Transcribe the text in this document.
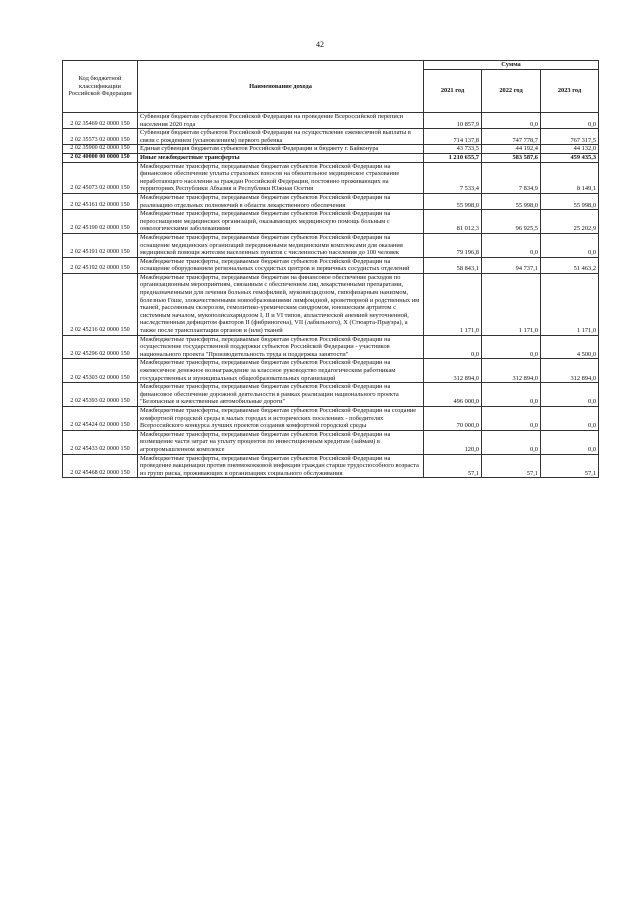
42
Код бюджетной классификации Российской Федерации	Наименование дохода	Сумма		
		2021 год	2022 год	2023 год
2 02 35469 02 0000 150	Субвенция бюджетам субъектов Российской Федерации на проведение Всероссийской переписи населения 2020 года	10 857,9	0,0	0,0
2 02 35573 02 0000 150	Субвенция бюджетам субъектов Российской Федерации на осуществление ежемесячной выплаты в связи с рождением (усыновлением) первого ребенка	714 137,8	747 778,7	767 317,5
2 02 35900 02 0000 150	Единая субвенция бюджетам субъектов Российской Федерации и бюджету г. Байконура	43 733,5	44 192,4	44 132,0
2 02 40000 00 0000 150	Иные межбюджетные трансферты	1 210 655,7	583 587,6	459 435,3
2 02 45073 02 0000 150	Межбюджетные трансферты, передаваемые бюджетам субъектов Российской Федерации на финансовое обеспечение уплаты страховых взносов на обязательное медицинское страхование неработающего населения за граждан Российской Федерации, постоянно проживающих на территориях Республики Абхазия и Республики Южная Осетия	7 533,4	7 834,9	8 149,1
2 02 45161 02 0000 150	Межбюджетные трансферты, передаваемые бюджетам субъектов Российской Федерации на реализацию отдельных полномочий в области лекарственного обеспечения	55 998,0	55 998,0	55 998,0
2 02 45190 02 0000 150	Межбюджетные трансферты, передаваемые бюджетам субъектов Российской Федерации на переоснащение медицинских организаций, оказывающих медицинскую помощь больным с онкологическими заболеваниями	81 012,3	96 925,5	25 202,9
2 02 45191 02 0000 150	Межбюджетные трансферты, передаваемые бюджетам субъектов Российской Федерации на оснащение медицинских организаций передвижными медицинскими комплексами для оказания медицинской помощи жителям населенных пунктов с численностью населения до 100 человек	79 196,8	0,0	0,0
2 02 45192 02 0000 150	Межбюджетные трансферты, передаваемые бюджетам субъектов Российской Федерации на оснащение оборудованием региональных сосудистых центров и первичных сосудистых отделений	58 843,1	94 737,1	51 463,2
2 02 45216 02 0000 150	Межбюджетные трансферты, передаваемые бюджетам на финансовое обеспечение расходов по организационным мероприятиям, связанным с обеспечением лиц лекарственными препаратами, предназначенными для лечения больных гемофилией, муковисцидозом, гипофизарным нанизмом, болезнью Гоше, злокачественными новообразованиями лимфоидной, кроветворной и родственных им тканей, рассеянным склерозом, гемолитико-уремическим синдромом, юношеским артритом с системным началом, мукополисахаридозом I, II и VI типов, апластической анемией неуточненной, наследственным дефицитом факторов II (фибриногена), VII (лабильного), X (Стюарта-Прауэра), а также после трансплантации органов и (или) тканей	1 171,0	1 171,0	1 171,0
2 02 45296 02 0000 150	Межбюджетные трансферты, передаваемые бюджетам субъектов Российской Федерации на осуществление государственной поддержки субъектов Российской Федерации - участников национального проекта "Производительность труда и поддержка занятости"	0,0	0,0	4 500,0
2 02 45303 02 0000 150	Межбюджетные трансферты, передаваемые бюджетам субъектов Российской Федерации на ежемесячное денежное вознаграждение за классное руководство педагогическим работникам государственных и муниципальных общеобразовательных организаций	312 894,0	312 894,0	312 894,0
2 02 45393 02 0000 150	Межбюджетные трансферты, передаваемые бюджетам субъектов Российской Федерации на финансовое обеспечение дорожной деятельности в рамках реализации национального проекта "Безопасные и качественные автомобильные дороги"	496 000,0	0,0	0,0
2 02 45424 02 0000 150	Межбюджетные трансферты, передаваемые бюджетам субъектов Российской Федерации на создание комфортной городской среды в малых городах и исторических поселениях - победителях Всероссийского конкурса лучших проектов создания комфортной городской среды	70 000,0	0,0	0,0
2 02 45433 02 0000 150	Межбюджетные трансферты, передаваемые бюджетам субъектов Российской Федерации на возмещение части затрат на уплату процентов по инвестиционным кредитам (займам) в агропромышленном комплексе	120,0	0,0	0,0
2 02 45468 02 0000 150	Межбюджетные трансферты, передаваемые бюджетам субъектов Российской Федерации на проведение вакцинации против пневмококковой инфекции граждан старше трудоспособного возраста из групп риска, проживающих в организациях социального обслуживания	57,1	57,1	57,1
